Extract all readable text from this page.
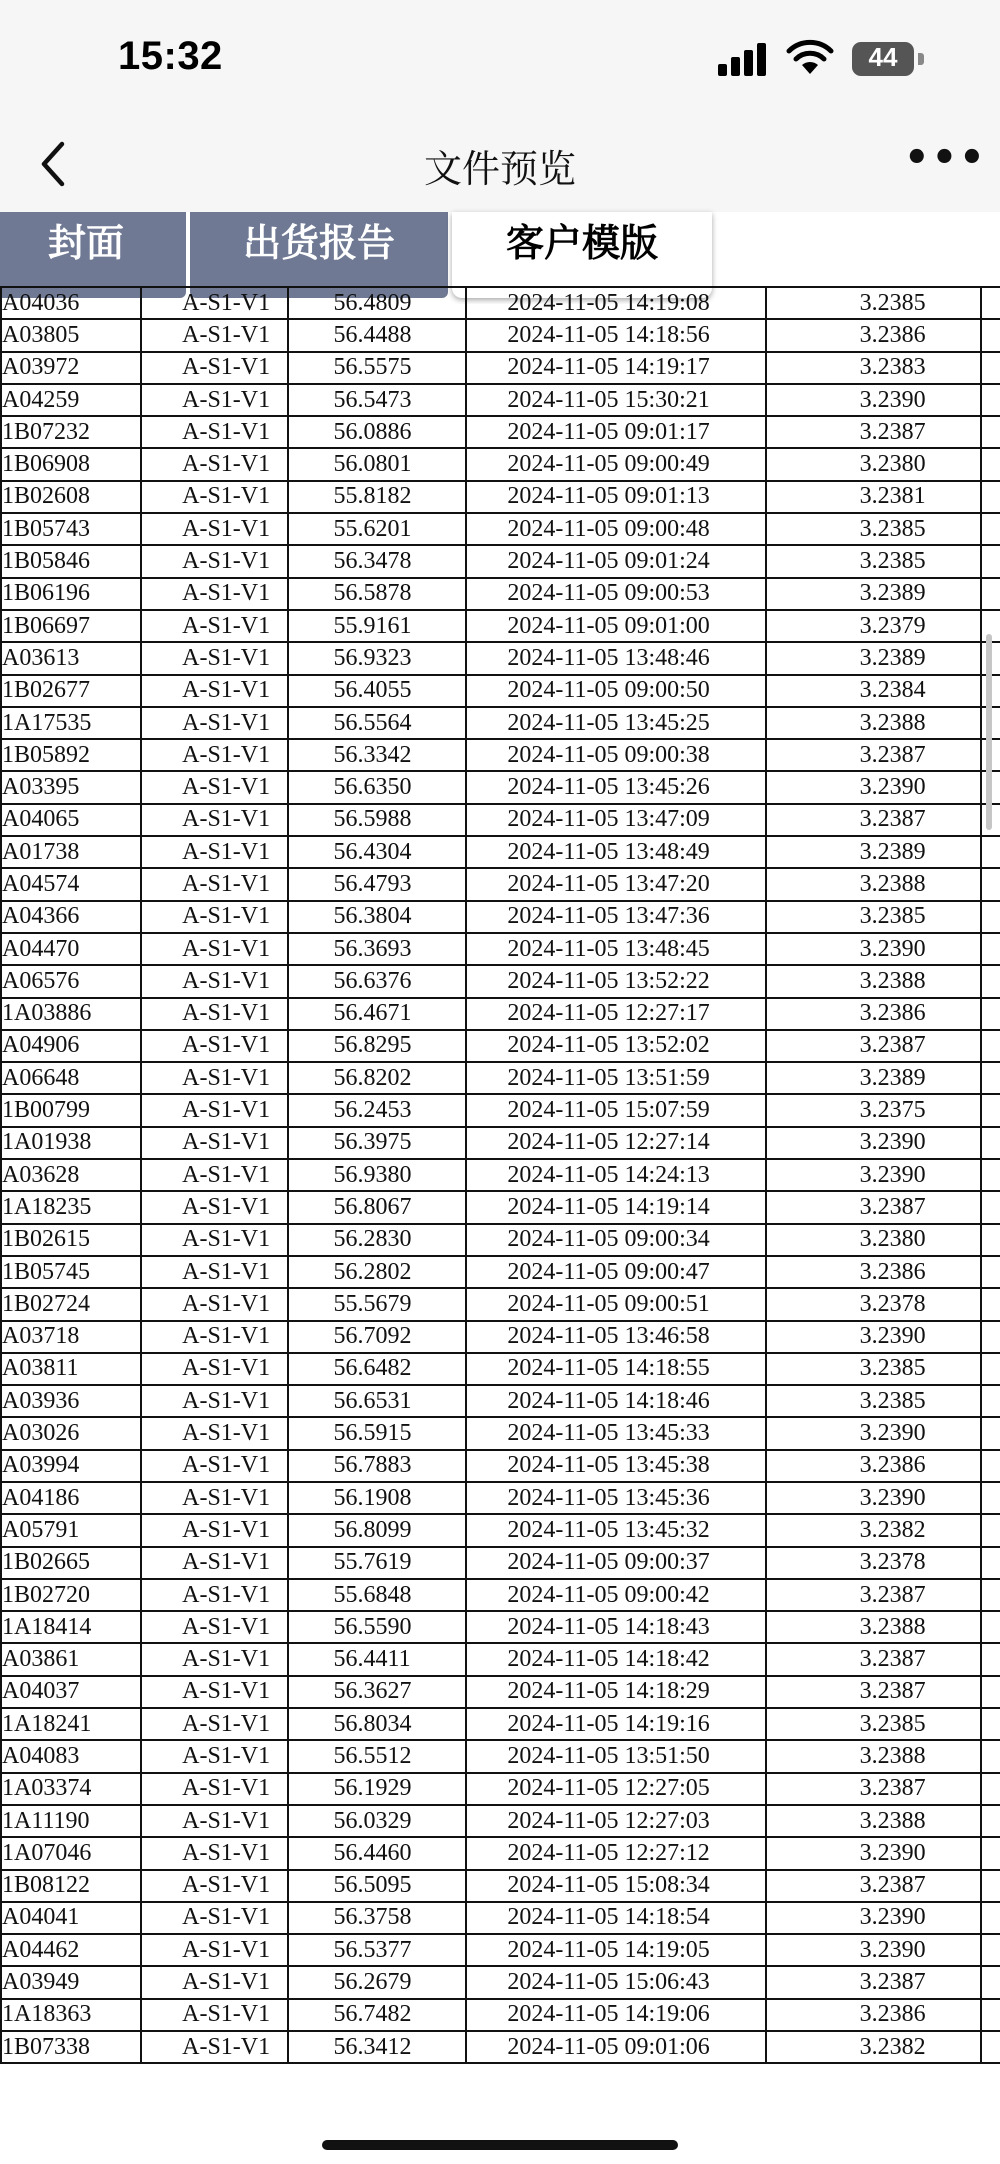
15:32	44
文件预览	•••
封面	出货报告	客户模版
A04036	A-S1-V1	56.4809	2024-11-05 14:19:08	3.2385	
A03805	A-S1-V1	56.4488	2024-11-05 14:18:56	3.2386	
A03972	A-S1-V1	56.5575	2024-11-05 14:19:17	3.2383	
A04259	A-S1-V1	56.5473	2024-11-05 15:30:21	3.2390	
1B07232	A-S1-V1	56.0886	2024-11-05 09:01:17	3.2387	
1B06908	A-S1-V1	56.0801	2024-11-05 09:00:49	3.2380	
1B02608	A-S1-V1	55.8182	2024-11-05 09:01:13	3.2381	
1B05743	A-S1-V1	55.6201	2024-11-05 09:00:48	3.2385	
1B05846	A-S1-V1	56.3478	2024-11-05 09:01:24	3.2385	
1B06196	A-S1-V1	56.5878	2024-11-05 09:00:53	3.2389	
1B06697	A-S1-V1	55.9161	2024-11-05 09:01:00	3.2379	
A03613	A-S1-V1	56.9323	2024-11-05 13:48:46	3.2389	
1B02677	A-S1-V1	56.4055	2024-11-05 09:00:50	3.2384	
1A17535	A-S1-V1	56.5564	2024-11-05 13:45:25	3.2388	
1B05892	A-S1-V1	56.3342	2024-11-05 09:00:38	3.2387	
A03395	A-S1-V1	56.6350	2024-11-05 13:45:26	3.2390	
A04065	A-S1-V1	56.5988	2024-11-05 13:47:09	3.2387	
A01738	A-S1-V1	56.4304	2024-11-05 13:48:49	3.2389	
A04574	A-S1-V1	56.4793	2024-11-05 13:47:20	3.2388	
A04366	A-S1-V1	56.3804	2024-11-05 13:47:36	3.2385	
A04470	A-S1-V1	56.3693	2024-11-05 13:48:45	3.2390	
A06576	A-S1-V1	56.6376	2024-11-05 13:52:22	3.2388	
1A03886	A-S1-V1	56.4671	2024-11-05 12:27:17	3.2386	
A04906	A-S1-V1	56.8295	2024-11-05 13:52:02	3.2387	
A06648	A-S1-V1	56.8202	2024-11-05 13:51:59	3.2389	
1B00799	A-S1-V1	56.2453	2024-11-05 15:07:59	3.2375	
1A01938	A-S1-V1	56.3975	2024-11-05 12:27:14	3.2390	
A03628	A-S1-V1	56.9380	2024-11-05 14:24:13	3.2390	
1A18235	A-S1-V1	56.8067	2024-11-05 14:19:14	3.2387	
1B02615	A-S1-V1	56.2830	2024-11-05 09:00:34	3.2380	
1B05745	A-S1-V1	56.2802	2024-11-05 09:00:47	3.2386	
1B02724	A-S1-V1	55.5679	2024-11-05 09:00:51	3.2378	
A03718	A-S1-V1	56.7092	2024-11-05 13:46:58	3.2390	
A03811	A-S1-V1	56.6482	2024-11-05 14:18:55	3.2385	
A03936	A-S1-V1	56.6531	2024-11-05 14:18:46	3.2385	
A03026	A-S1-V1	56.5915	2024-11-05 13:45:33	3.2390	
A03994	A-S1-V1	56.7883	2024-11-05 13:45:38	3.2386	
A04186	A-S1-V1	56.1908	2024-11-05 13:45:36	3.2390	
A05791	A-S1-V1	56.8099	2024-11-05 13:45:32	3.2382	
1B02665	A-S1-V1	55.7619	2024-11-05 09:00:37	3.2378	
1B02720	A-S1-V1	55.6848	2024-11-05 09:00:42	3.2387	
1A18414	A-S1-V1	56.5590	2024-11-05 14:18:43	3.2388	
A03861	A-S1-V1	56.4411	2024-11-05 14:18:42	3.2387	
A04037	A-S1-V1	56.3627	2024-11-05 14:18:29	3.2387	
1A18241	A-S1-V1	56.8034	2024-11-05 14:19:16	3.2385	
A04083	A-S1-V1	56.5512	2024-11-05 13:51:50	3.2388	
1A03374	A-S1-V1	56.1929	2024-11-05 12:27:05	3.2387	
1A11190	A-S1-V1	56.0329	2024-11-05 12:27:03	3.2388	
1A07046	A-S1-V1	56.4460	2024-11-05 12:27:12	3.2390	
1B08122	A-S1-V1	56.5095	2024-11-05 15:08:34	3.2387	
A04041	A-S1-V1	56.3758	2024-11-05 14:18:54	3.2390	
A04462	A-S1-V1	56.5377	2024-11-05 14:19:05	3.2390	
A03949	A-S1-V1	56.2679	2024-11-05 15:06:43	3.2387	
1A18363	A-S1-V1	56.7482	2024-11-05 14:19:06	3.2386	
1B07338	A-S1-V1	56.3412	2024-11-05 09:01:06	3.2382	
